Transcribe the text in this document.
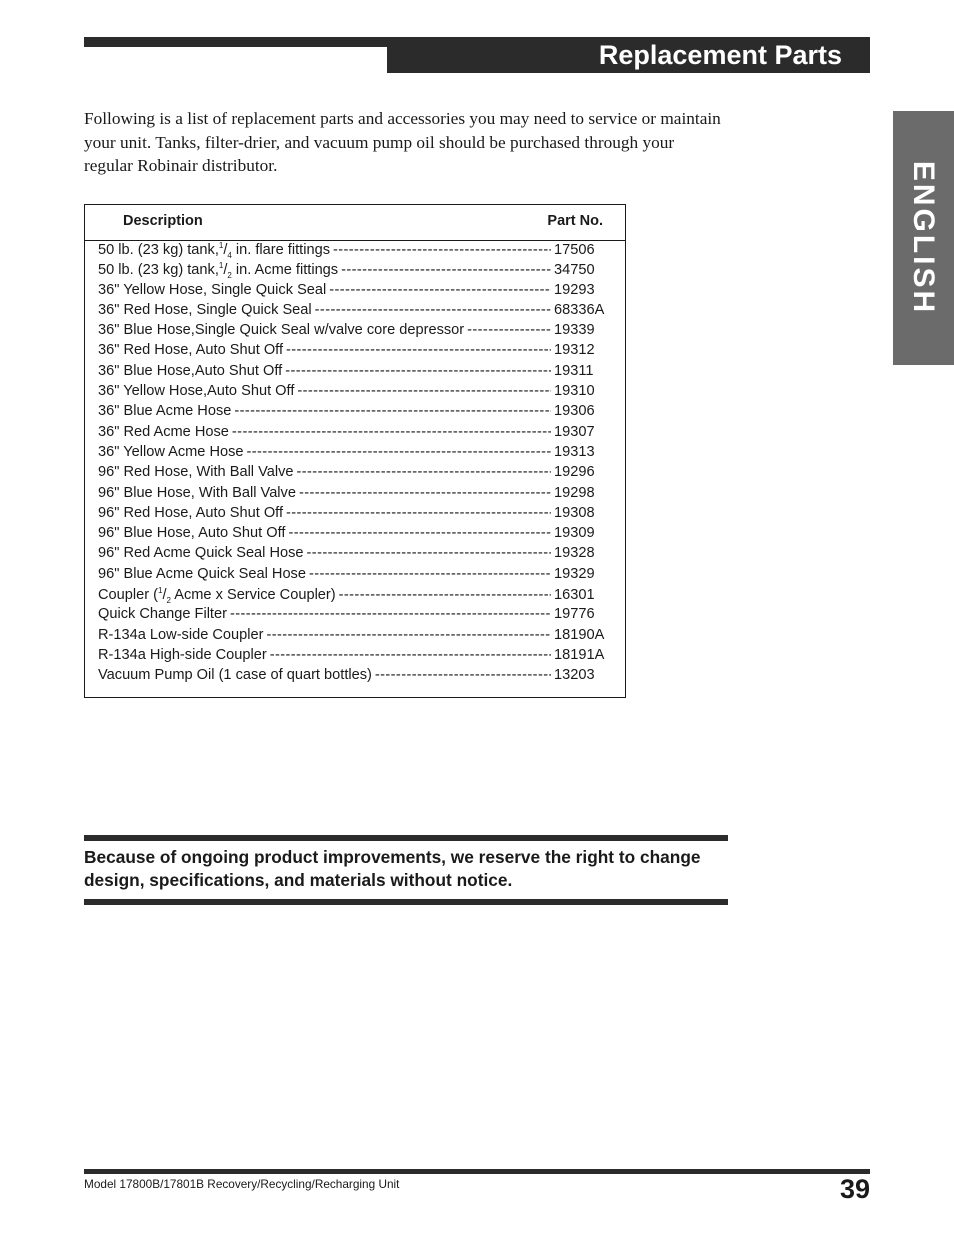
Replacement Parts
ENGLISH

Following is a list of replacement parts and accessories you may need to service or maintain your unit. Tanks, filter-drier, and vacuum pump oil should be purchased through your regular Robinair distributor.

Description	Part No.
50 lb. (23 kg) $\tan k,^1/_4$ in. flare fittings -----	17506
50 lb. (23 kg) $\tan k,^1/_2$ in. Acme fittings -----	34750
36" Yellow Hose, Single Quick Seal -----	19293
36" Red Hose, Single Quick Seal -----	68336A
36" Blue Hose,Single Quick Seal w/valve core depressor -----	19339
36" Red Hose, Auto Shut Off -----	19312
36" Blue Hose,Auto Shut Off -----	19311
36" Yellow Hose,Auto Shut Off -----	19310
36" Blue Acme Hose -----	19306
36" Red Acme Hose -----	19307
36" Yellow Acme Hose -----	19313
96" Red Hose, With Ball Valve -----	19296
96" Blue Hose, With Ball Valve -----	19298
96" Red Hose, Auto Shut Off -----	19308
96" Blue Hose, Auto Shut Off -----	19309
96" Red Acme Quick Seal Hose -----	19328
96" Blue Acme Quick Seal Hose -----	19329
Coupler ($^1/_2$ Acme x Service Coupler) -----	16301
Quick Change Filter -----	19776
R-134a Low-side Coupler -----	18190A
R-134a High-side Coupler -----	18191A
Vacuum Pump Oil (1 case of quart bottles) -----	13203

Because of ongoing product improvements, we reserve the right to change design, specifications, and materials without notice.

Model 17800B/17801B Recovery/Recycling/Recharging Unit	39
